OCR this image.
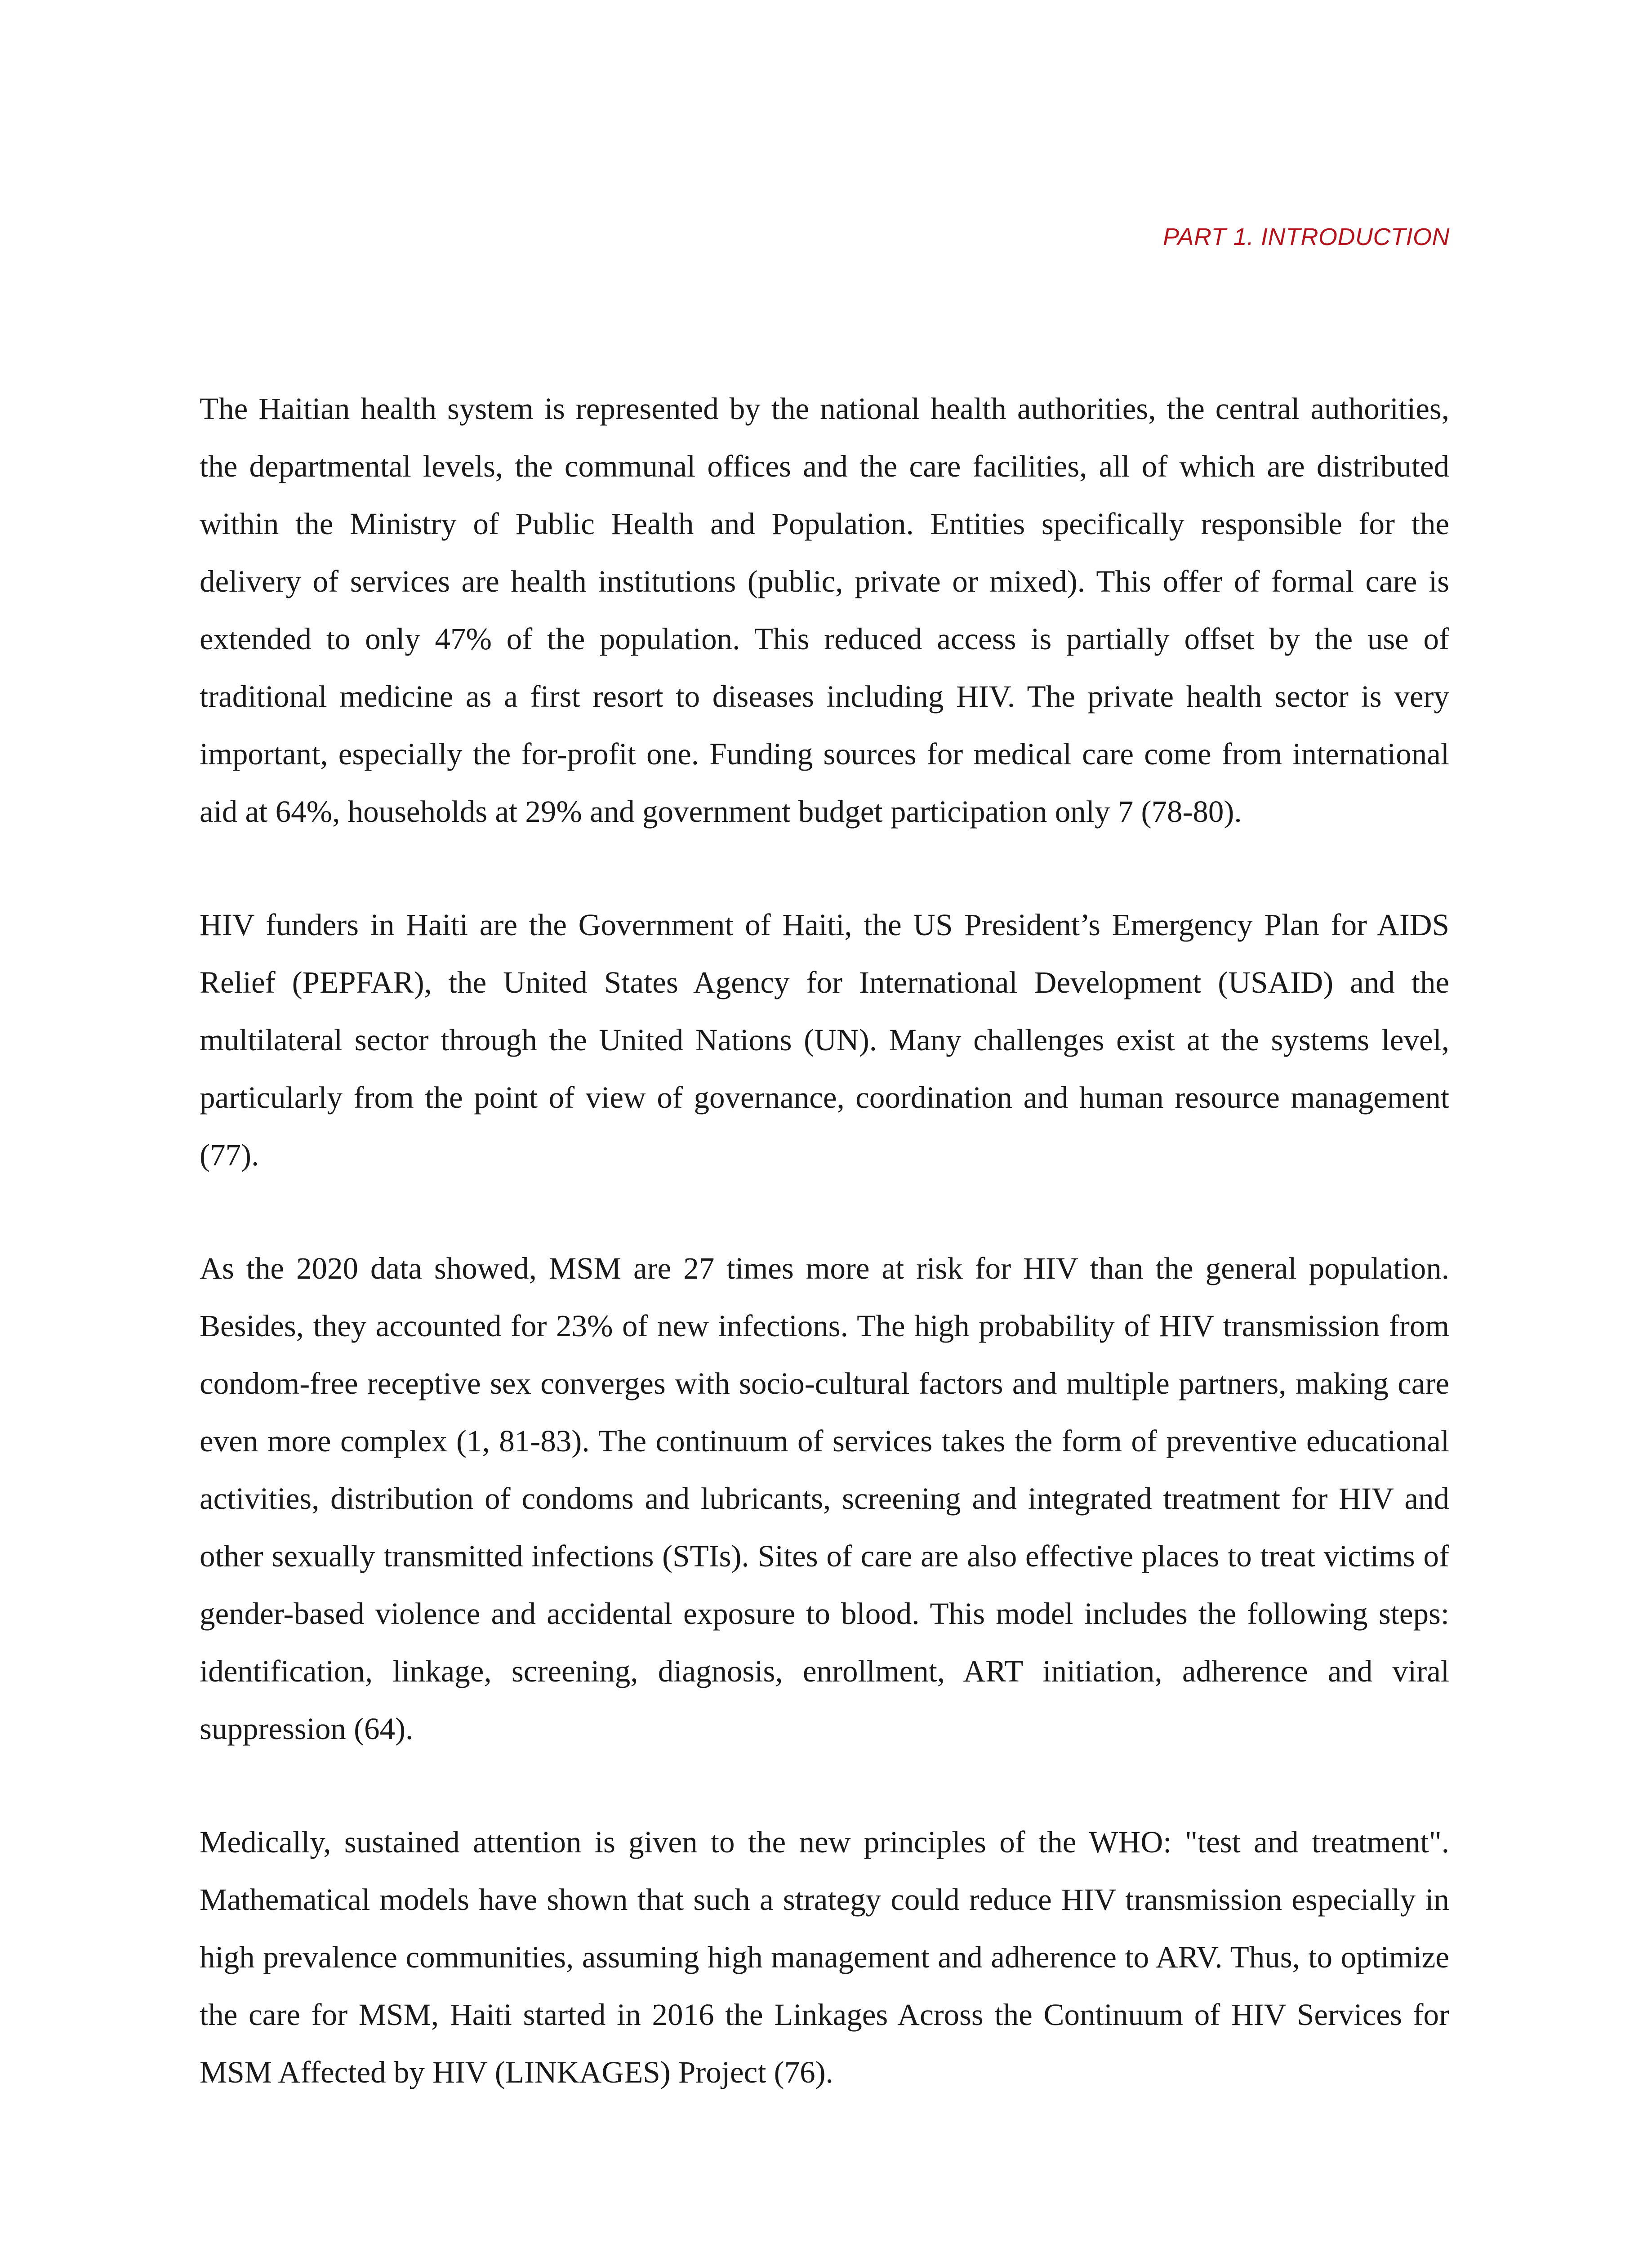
PART 1. INTRODUCTION

The Haitian health system is represented by the national health authorities, the central authorities, the departmental levels, the communal offices and the care facilities, all of which are distributed within the Ministry of Public Health and Population. Entities specifically responsible for the delivery of services are health institutions (public, private or mixed). This offer of formal care is extended to only 47% of the population. This reduced access is partially offset by the use of traditional medicine as a first resort to diseases including HIV. The private health sector is very important, especially the for-profit one. Funding sources for medical care come from international aid at 64%, households at 29% and government budget participation only 7 (78-80).

HIV funders in Haiti are the Government of Haiti, the US President’s Emergency Plan for AIDS Relief (PEPFAR), the United States Agency for International Development (USAID) and the multilateral sector through the United Nations (UN). Many challenges exist at the systems level, particularly from the point of view of governance, coordination and human resource management (77).

As the 2020 data showed, MSM are 27 times more at risk for HIV than the general population. Besides, they accounted for 23% of new infections. The high probability of HIV transmission from condom-free receptive sex converges with socio-cultural factors and multiple partners, making care even more complex (1, 81-83). The continuum of services takes the form of preventive educational activities, distribution of condoms and lubricants, screening and integrated treatment for HIV and other sexually transmitted infections (STIs). Sites of care are also effective places to treat victims of gender-based violence and accidental exposure to blood. This model includes the following steps: identification, linkage, screening, diagnosis, enrollment, ART initiation, adherence and viral suppression (64).

Medically, sustained attention is given to the new principles of the WHO: "test and treatment". Mathematical models have shown that such a strategy could reduce HIV transmission especially in high prevalence communities, assuming high management and adherence to ARV. Thus, to optimize the care for MSM, Haiti started in 2016 the Linkages Across the Continuum of HIV Services for MSM Affected by HIV (LINKAGES) Project (76).
